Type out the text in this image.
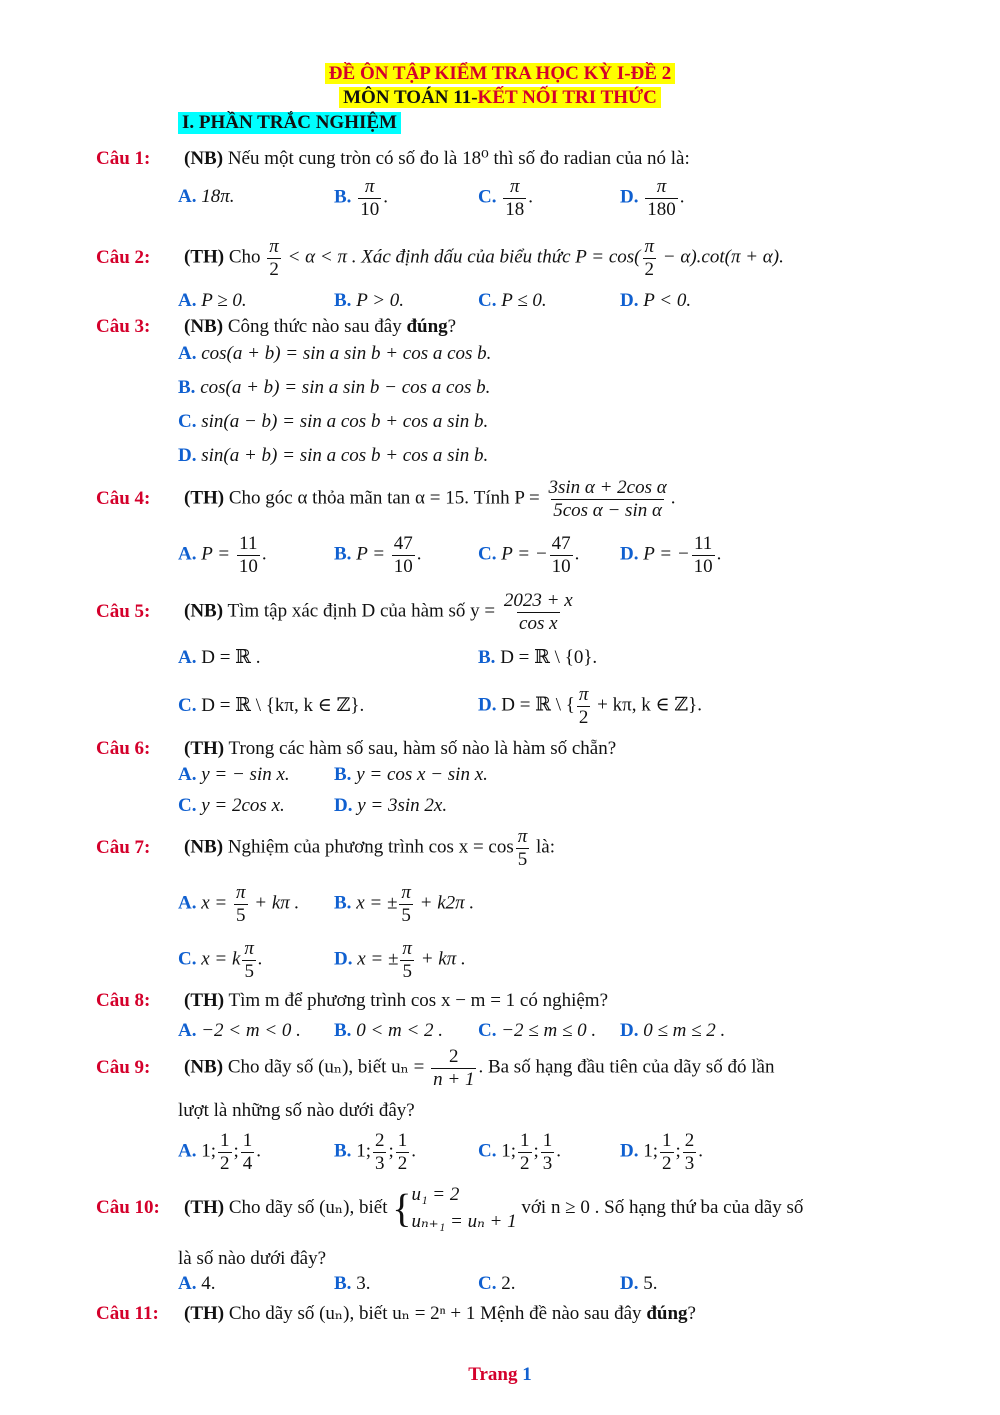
ĐỀ ÔN TẬP KIỂM TRA HỌC KỲ I-ĐỀ 2
MÔN TOÁN 11-KẾT NỐI TRI THỨC
I. PHẦN TRẮC NGHIỆM
Câu 1: (NB) Nếu một cung tròn có số đo là 18⁰ thì số đo radian của nó là:
A. 18π.	B. $\frac{\pi}{10}$ .	C. $\frac{\pi}{18}$ .	D. $\frac{\pi}{180}$ .
Câu 2: (TH) Cho $\frac{\pi}{2} < \alpha < \pi$ . Xác định dấu của biểu thức $P = \cos( \frac{\pi}{2} - \alpha).\cot(\pi + \alpha)$.
A. P ≥ 0.	B. P > 0.	C. P ≤ 0.	D. P < 0.
Câu 3: (NB) Công thức nào sau đây đúng?
A. cos(a + b) = sin a sin b + cos a cos b.
B. cos(a + b) = sin a sin b − cos a cos b.
C. sin(a − b) = sin a cos b + cos a sin b.
D. sin(a + b) = sin a cos b + cos a sin b.
Câu 4: (TH) Cho góc α thỏa mãn tan α = 15. Tính $P = \frac{\text{3sin α + 2cos α}}{\text{5cos α − sin α}}$ .
A. $P = \frac{11}{10}$ .	B. $P = \frac{47}{10}$ .	C. P = − $\frac{47}{10}$ . D. P = − $\frac{11}{10}$ .
Câu 5: (NB) Tìm tập xác định D của hàm số $y = \frac{2023 + x}{\text{cos x}}$
A. D = ℝ .	B. D = ℝ \ {0}.
C. D = ℝ \ {kπ, k ∈ ℤ}.	D. D = ℝ \ { $\frac{\pi}{2} + k\pi$, k ∈ ℤ}.
Câu 6: (TH) Trong các hàm số sau, hàm số nào là hàm số chẵn?
A. y = − sin x. B. y = cos x − sin x.
C. y = 2cos x.	D. y = 3sin 2x.
Câu 7: (NB) Nghiệm của phương trình $\cos x = \cos \frac{\pi}{5}$ là:
A. $x = \frac{\pi}{5} + k\pi$ . B. x = ± $\frac{\pi}{5} + k2\pi$ .
C. x = k $\frac{\pi}{5}$ .	D. x = ± $\frac{\pi}{5} + k\pi$ .
Câu 8: (TH) Tìm m để phương trình cos x − m = 1 có nghiệm?
A. −2 < m < 0 . B. 0 < m < 2 . C. −2 ≤ m ≤ 0 . D. 0 ≤ m ≤ 2 .
Câu 9: (NB) Cho dãy số (uₙ), biết $u_n = \frac{2}{n + 1}$ . Ba số hạng đầu tiên của dãy số đó lần
lượt là những số nào dưới đây?
A. 1; $\frac{1}{2}$ ; $\frac{1}{4}$ .	B. 1; $\frac{2}{3}$ ; $\frac{1}{2}$ .	C. 1; $\frac{1}{2}$ ; $\frac{1}{3}$ .	D. 1; $\frac{1}{2}$ ; $\frac{2}{3}$ .
Câu 10: (TH) Cho dãy số (uₙ), biết { u₁ = 2
uₙ₊₁ = uₙ + 1
với n ≥ 0 . Số hạng thứ ba của dãy số
là số nào dưới đây?
A. 4.	B. 3.	C. 2.	D. 5.
Câu 11: (TH) Cho dãy số (uₙ), biết uₙ = 2ⁿ + 1 Mệnh đề nào sau đây đúng?
Trang 1
